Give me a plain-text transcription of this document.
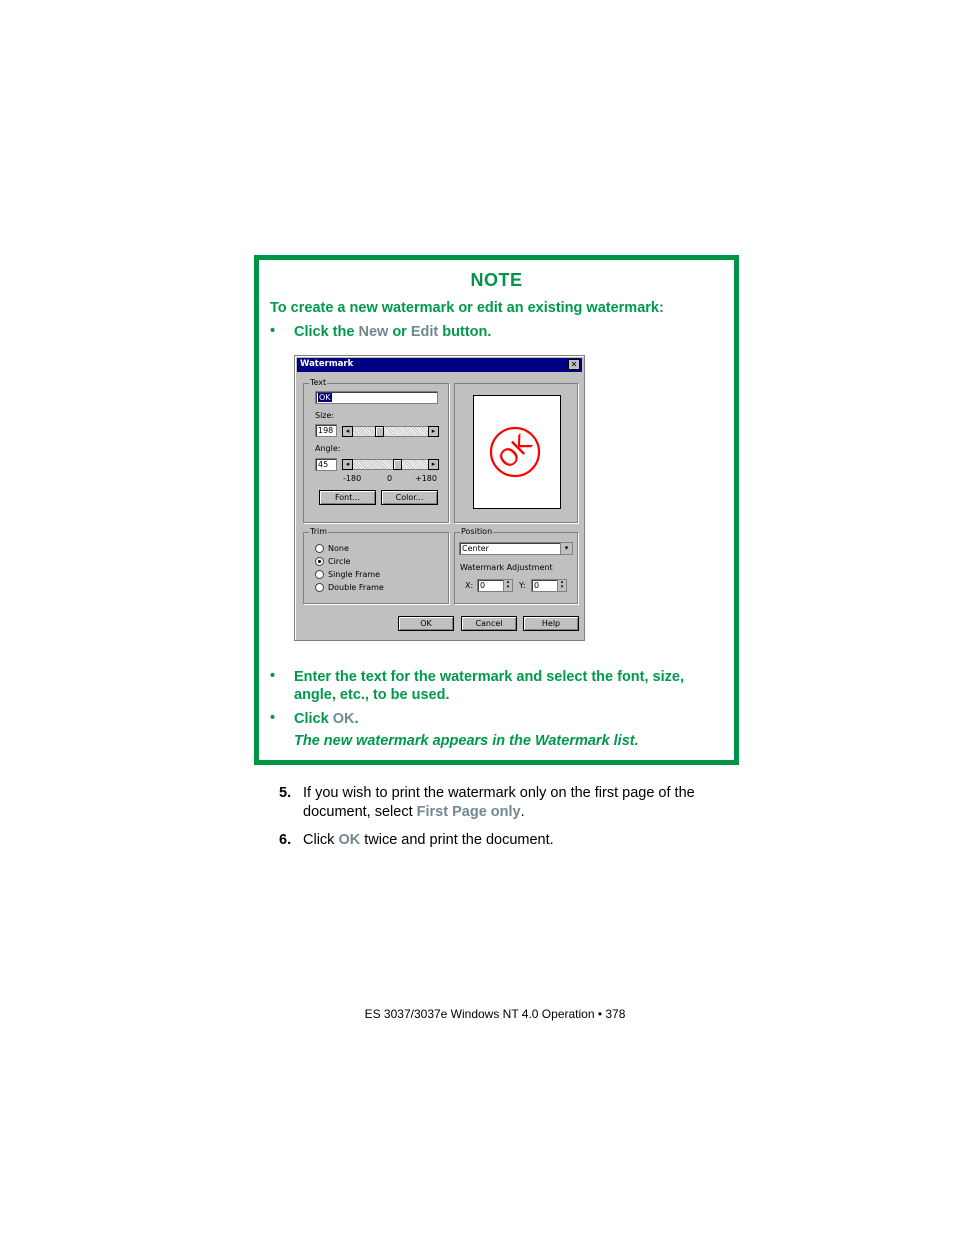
NOTE
To create a new watermark or edit an existing watermark:
• Click the New or Edit button.
• Enter the text for the watermark and select the font, size, angle, etc., to be used.
• Click OK.
The new watermark appears in the Watermark list.
Watermark	✕
Text
OK
Size:
198	◂	▸
Angle:
45	◂	▸
-180	0	+180
Font...	Color...
Trim
None
Circle
Single Frame
Double Frame
Position
Center	▾
Watermark Adjustment
X: 0	▴
▾	Y:	0	▴
▾
OK	Cancel	Help
OK
5. If you wish to print the watermark only on the first page of the document, select First Page only.
6. Click OK twice and print the document.
ES 3037/3037e Windows NT 4.0 Operation • 378
